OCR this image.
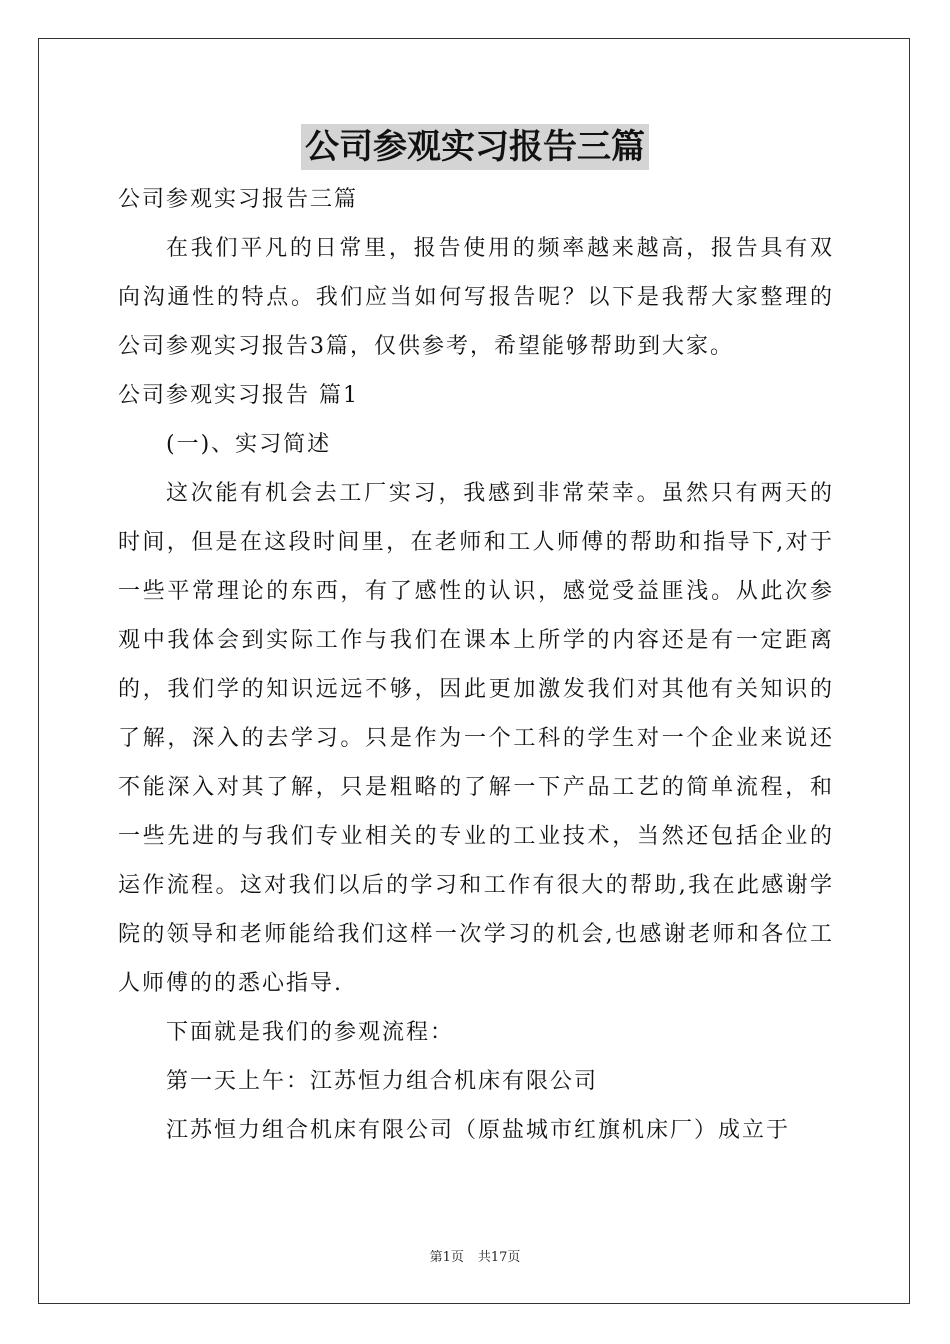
公司参观实习报告三篇

公司参观实习报告三篇

在我们平凡的日常里，报告使用的频率越来越高，报告具有双向沟通性的特点。我们应当如何写报告呢？以下是我帮大家整理的公司参观实习报告3篇，仅供参考，希望能够帮助到大家。

公司参观实习报告 篇1

(一)、实习简述

这次能有机会去工厂实习，我感到非常荣幸。虽然只有两天的时间，但是在这段时间里，在老师和工人师傅的帮助和指导下,对于一些平常理论的东西，有了感性的认识，感觉受益匪浅。从此次参观中我体会到实际工作与我们在课本上所学的内容还是有一定距离的，我们学的知识远远不够，因此更加激发我们对其他有关知识的了解，深入的去学习。只是作为一个工科的学生对一个企业来说还不能深入对其了解，只是粗略的了解一下产品工艺的简单流程，和一些先进的与我们专业相关的专业的工业技术，当然还包括企业的运作流程。这对我们以后的学习和工作有很大的帮助,我在此感谢学院的领导和老师能给我们这样一次学习的机会,也感谢老师和各位工人师傅的的悉心指导.

下面就是我们的参观流程：

第一天上午：江苏恒力组合机床有限公司

江苏恒力组合机床有限公司（原盐城市红旗机床厂）成立于

第1页 共17页
